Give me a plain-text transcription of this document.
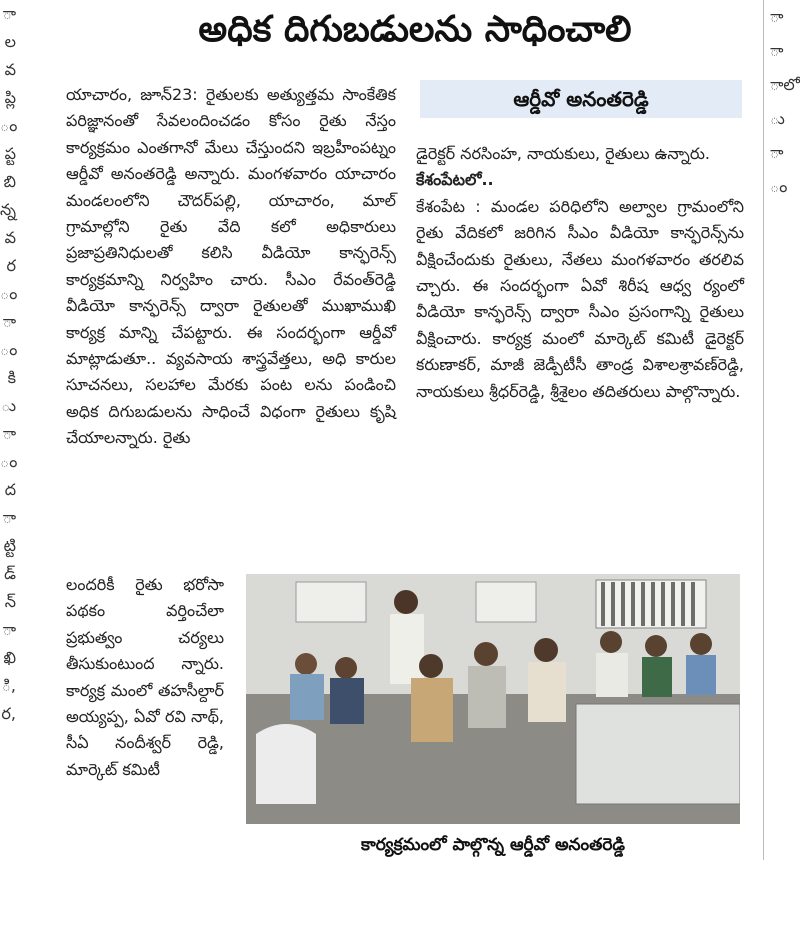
ా
ల
వ
ప్లి
ం
ప్ట
బి
న్న
వ
ర
ం
ా
ం
కి
ు
ా
ం
ద
ా
ట్టి
డ్
న్
ా
ఖి
ి,
ర,
ా
ా
ాలో
ు
ా
ం
అధిక దిగుబడులను సాధించాలి

యాచారం, జూన్23: రైతులకు అత్యుత్తమ సాంకేతిక పరిజ్ఞానంతో సేవలందించడం కోసం రైతు నేస్తం కార్యక్రమం ఎంతగానో మేలు చేస్తుందని ఇబ్రహీంపట్నం ఆర్డీవో అనంతరెడ్డి అన్నారు. మంగళవారం యాచారం మండలంలోని చౌదర్‌పల్లి, యాచారం, మాల్ గ్రామాల్లోని రైతు వేది కలో అధికారులు ప్రజాప్రతినిధులతో కలిసి వీడియో కాన్ఫరెన్స్ కార్యక్రమాన్ని నిర్వహిం చారు. సీఎం రేవంత్‌రెడ్డి వీడియో కాన్ఫరెన్స్ ద్వారా రైతులతో ముఖాముఖి కార్యక్ర మాన్ని చేపట్టారు. ఈ సందర్భంగా ఆర్డీవో మాట్లాడుతూ.. వ్యవసాయ శాస్త్రవేత్తలు, అధి కారుల సూచనలు, సలహాల మేరకు పంట లను పండించి అధిక దిగుబడులను సాధించే విధంగా రైతులు కృషి చేయాలన్నారు. రైతు

ఆర్డీవో అనంతరెడ్డి

డైరెక్టర్ నరసింహ, నాయకులు, రైతులు ఉన్నారు.

కేశంపేటలో..

కేశంపేట : మండల పరిధిలోని అల్వాల గ్రామంలోని రైతు వేదికలో జరిగిన సీఎం వీడియో కాన్ఫరెన్స్‌ను వీక్షించేందుకు రైతులు, నేతలు మంగళవారం తరలివ చ్చారు. ఈ సందర్భంగా ఏవో శిరీష ఆధ్వ ర్యంలో వీడియో కాన్ఫరెన్స్ ద్వారా సీఎం ప్రసంగాన్ని రైతులు వీక్షించారు. కార్యక్ర మంలో మార్కెట్ కమిటీ డైరెక్టర్ కరుణాకర్, మాజీ జెడ్పీటీసీ తాండ్ర విశాలశ్రావణ్‌రెడ్డి, నాయకులు శ్రీధర్‌రెడ్డి, శ్రీశైలం తదితరులు పాల్గొన్నారు.

లందరికీ రైతు భరోసా పథకం వర్తించేలా ప్రభుత్వం చర్యలు తీసుకుంటుంద న్నారు. కార్యక్ర మంలో తహసీల్దార్ అయ్యప్ప, ఏవో రవి నాథ్, సీఏ నందీశ్వర్ రెడ్డి, మార్కెట్ కమిటీ

కార్యక్రమంలో పాల్గొన్న ఆర్డీవో అనంతరెడ్డి
